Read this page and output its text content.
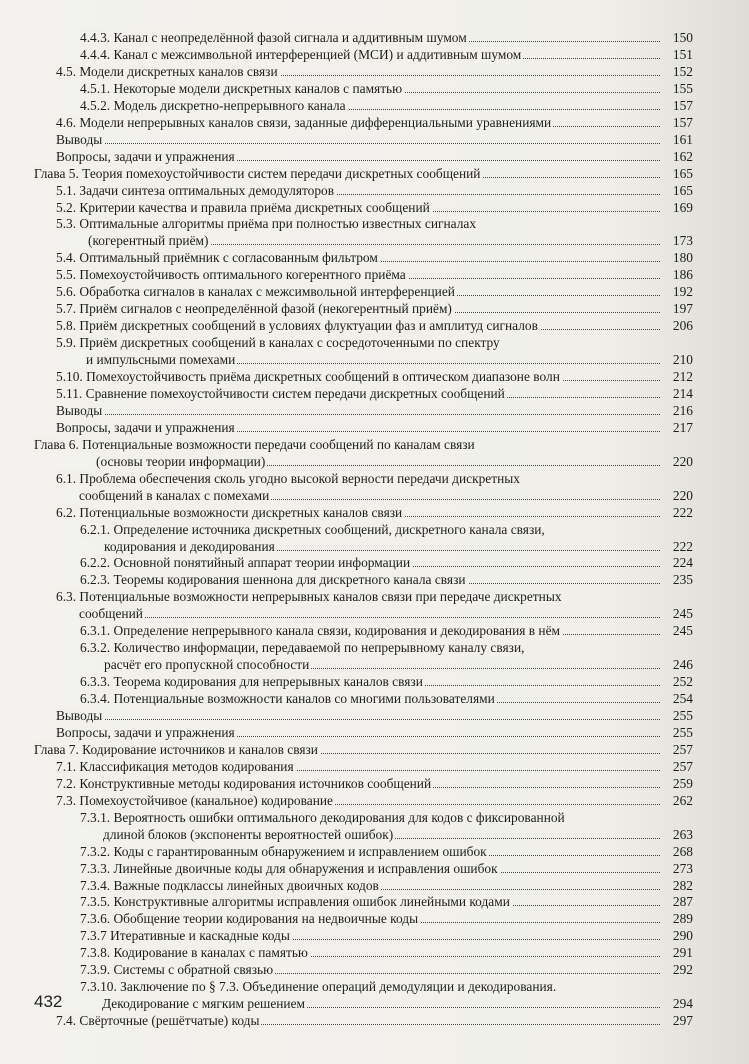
4.4.3. Канал с неопределённой фазой сигнала и аддитивным шумом	150
4.4.4. Канал с межсимвольной интерференцией (МСИ) и аддитивным шумом	151
4.5. Модели дискретных каналов связи	152
4.5.1. Некоторые модели дискретных каналов с памятью	155
4.5.2. Модель дискретно-непрерывного канала	157
4.6. Модели непрерывных каналов связи, заданные дифференциальными уравнениями	157
Выводы	161
Вопросы, задачи и упражнения	162
Глава 5. Теория помехоустойчивости систем передачи дискретных сообщений	165
5.1. Задачи синтеза оптимальных демодуляторов	165
5.2. Критерии качества и правила приёма дискретных сообщений	169
5.3. Оптимальные алгоритмы приёма при полностью известных сигналах
(когерентный приём)	173
5.4. Оптимальный приёмник с согласованным фильтром	180
5.5. Помехоустойчивость оптимального когерентного приёма	186
5.6. Обработка сигналов в каналах с межсимвольной интерференцией	192
5.7. Приём сигналов с неопределённой фазой (некогерентный приём)	197
5.8. Приём дискретных сообщений в условиях флуктуации фаз и амплитуд сигналов	206
5.9. Приём дискретных сообщений в каналах с сосредоточенными по спектру
и импульсными помехами	210
5.10. Помехоустойчивость приёма дискретных сообщений в оптическом диапазоне волн	212
5.11. Сравнение помехоустойчивости систем передачи дискретных сообщений	214
Выводы	216
Вопросы, задачи и упражнения	217
Глава 6. Потенциальные возможности передачи сообщений по каналам связи
(основы теории информации)	220
6.1. Проблема обеспечения сколь угодно высокой верности передачи дискретных
сообщений в каналах с помехами	220
6.2. Потенциальные возможности дискретных каналов связи	222
6.2.1. Определение источника дискретных сообщений, дискретного канала связи,
кодирования и декодирования	222
6.2.2. Основной понятийный аппарат теории информации	224
6.2.3. Теоремы кодирования шеннона для дискретного канала связи	235
6.3. Потенциальные возможности непрерывных каналов связи при передаче дискретных
сообщений	245
6.3.1. Определение непрерывного канала связи, кодирования и декодирования в нём	245
6.3.2. Количество информации, передаваемой по непрерывному каналу связи,
расчёт его пропускной способности	246
6.3.3. Теорема кодирования для непрерывных каналов связи	252
6.3.4. Потенциальные возможности каналов со многими пользователями	254
Выводы	255
Вопросы, задачи и упражнения	255
Глава 7. Кодирование источников и каналов связи	257
7.1. Классификация методов кодирования	257
7.2. Конструктивные методы кодирования источников сообщений	259
7.3. Помехоустойчивое (канальное) кодирование	262
7.3.1. Вероятность ошибки оптимального декодирования для кодов с фиксированной
длиной блоков (экспоненты вероятностей ошибок)	263
7.3.2. Коды с гарантированным обнаружением и исправлением ошибок	268
7.3.3. Линейные двоичные коды для обнаружения и исправления ошибок	273
7.3.4. Важные подклассы линейных двоичных кодов	282
7.3.5. Конструктивные алгоритмы исправления ошибок линейными кодами	287
7.3.6. Обобщение теории кодирования на недвоичные коды	289
7.3.7 Итеративные и каскадные коды	290
7.3.8. Кодирование в каналах с памятью	291
7.3.9. Системы с обратной связью	292
7.3.10. Заключение по § 7.3. Объединение операций демодуляции и декодирования.
Декодирование с мягким решением	294
7.4. Свёрточные (решётчатые) коды	297
432
